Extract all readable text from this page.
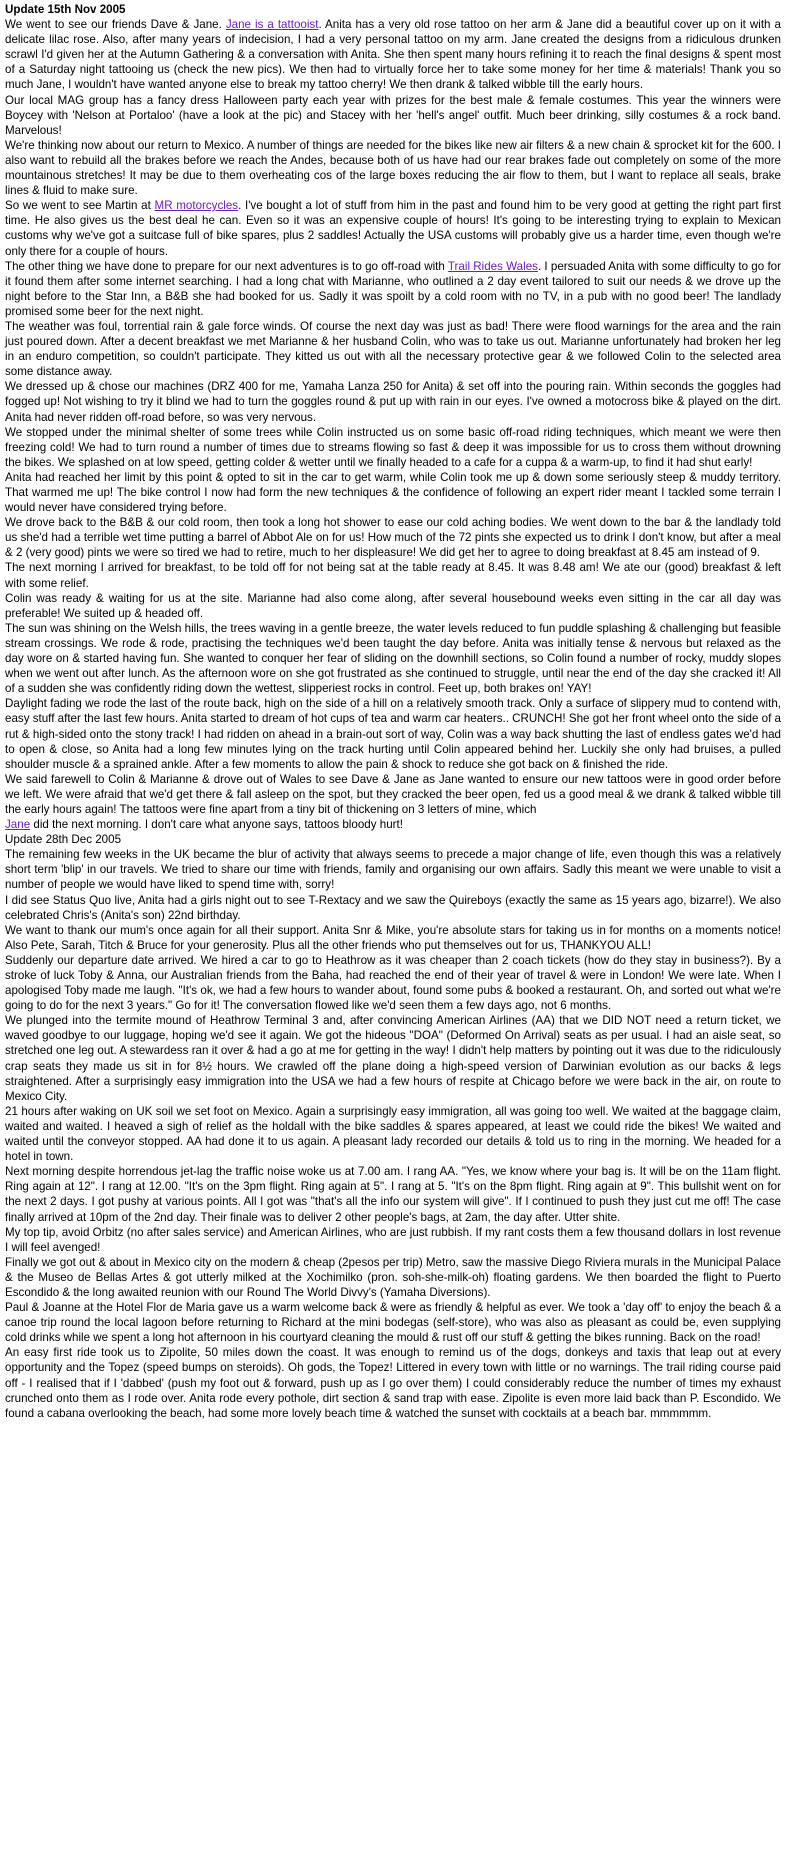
Update 15th Nov 2005

We went to see our friends Dave & Jane. Jane is a tattooist. Anita has a very old rose tattoo on her arm & Jane did a beautiful cover up on it with a delicate lilac rose. Also, after many years of indecision, I had a very personal tattoo on my arm. Jane created the designs from a ridiculous drunken scrawl I'd given her at the Autumn Gathering & a conversation with Anita. She then spent many hours refining it to reach the final designs & spent most of a Saturday night tattooing us (check the new pics). We then had to virtually force her to take some money for her time & materials! Thank you so much Jane, I wouldn't have wanted anyone else to break my tattoo cherry! We then drank & talked wibble till the early hours.

Our local MAG group has a fancy dress Halloween party each year with prizes for the best male & female costumes. This year the winners were Boycey with 'Nelson at Portaloo' (have a look at the pic) and Stacey with her 'hell's angel' outfit. Much beer drinking, silly costumes & a rock band. Marvelous!

We're thinking now about our return to Mexico. A number of things are needed for the bikes like new air filters & a new chain & sprocket kit for the 600. I also want to rebuild all the brakes before we reach the Andes, because both of us have had our rear brakes fade out completely on some of the more mountainous stretches! It may be due to them overheating cos of the large boxes reducing the air flow to them, but I want to replace all seals, brake lines & fluid to make sure.

So we went to see Martin at MR motorcycles. I've bought a lot of stuff from him in the past and found him to be very good at getting the right part first time. He also gives us the best deal he can. Even so it was an expensive couple of hours! It's going to be interesting trying to explain to Mexican customs why we've got a suitcase full of bike spares, plus 2 saddles! Actually the USA customs will probably give us a harder time, even though we're only there for a couple of hours.

The other thing we have done to prepare for our next adventures is to go off-road with Trail Rides Wales. I persuaded Anita with some difficulty to go for it found them after some internet searching. I had a long chat with Marianne, who outlined a 2 day event tailored to suit our needs & we drove up the night before to the Star Inn, a B&B she had booked for us. Sadly it was spoilt by a cold room with no TV, in a pub with no good beer! The landlady promised some beer for the next night.

The weather was foul, torrential rain & gale force winds. Of course the next day was just as bad! There were flood warnings for the area and the rain just poured down. After a decent breakfast we met Marianne & her husband Colin, who was to take us out. Marianne unfortunately had broken her leg in an enduro competition, so couldn't participate. They kitted us out with all the necessary protective gear & we followed Colin to the selected area some distance away.

We dressed up & chose our machines (DRZ 400 for me, Yamaha Lanza 250 for Anita) & set off into the pouring rain. Within seconds the goggles had fogged up! Not wishing to try it blind we had to turn the goggles round & put up with rain in our eyes. I've owned a motocross bike & played on the dirt. Anita had never ridden off-road before, so was very nervous.

We stopped under the minimal shelter of some trees while Colin instructed us on some basic off-road riding techniques, which meant we were then freezing cold! We had to turn round a number of times due to streams flowing so fast & deep it was impossible for us to cross them without drowning the bikes. We splashed on at low speed, getting colder & wetter until we finally headed to a cafe for a cuppa & a warm-up, to find it had shut early!

Anita had reached her limit by this point & opted to sit in the car to get warm, while Colin took me up & down some seriously steep & muddy territory. That warmed me up! The bike control I now had form the new techniques & the confidence of following an expert rider meant I tackled some terrain I would never have considered trying before.

We drove back to the B&B & our cold room, then took a long hot shower to ease our cold aching bodies. We went down to the bar & the landlady told us she'd had a terrible wet time putting a barrel of Abbot Ale on for us! How much of the 72 pints she expected us to drink I don't know, but after a meal & 2 (very good) pints we were so tired we had to retire, much to her displeasure! We did get her to agree to doing breakfast at 8.45 am instead of 9.

The next morning I arrived for breakfast, to be told off for not being sat at the table ready at 8.45. It was 8.48 am! We ate our (good) breakfast & left with some relief.

Colin was ready & waiting for us at the site. Marianne had also come along, after several housebound weeks even sitting in the car all day was preferable! We suited up & headed off.

The sun was shining on the Welsh hills, the trees waving in a gentle breeze, the water levels reduced to fun puddle splashing & challenging but feasible stream crossings. We rode & rode, practising the techniques we'd been taught the day before. Anita was initially tense & nervous but relaxed as the day wore on & started having fun. She wanted to conquer her fear of sliding on the downhill sections, so Colin found a number of rocky, muddy slopes when we went out after lunch. As the afternoon wore on she got frustrated as she continued to struggle, until near the end of the day she cracked it! All of a sudden she was confidently riding down the wettest, slipperiest rocks in control. Feet up, both brakes on! YAY!

Daylight fading we rode the last of the route back, high on the side of a hill on a relatively smooth track. Only a surface of slippery mud to contend with, easy stuff after the last few hours. Anita started to dream of hot cups of tea and warm car heaters.. CRUNCH! She got her front wheel onto the side of a rut & high-sided onto the stony track! I had ridden on ahead in a brain-out sort of way, Colin was a way back shutting the last of endless gates we'd had to open & close, so Anita had a long few minutes lying on the track hurting until Colin appeared behind her. Luckily she only had bruises, a pulled shoulder muscle & a sprained ankle. After a few moments to allow the pain & shock to reduce she got back on & finished the ride.

We said farewell to Colin & Marianne & drove out of Wales to see Dave & Jane as Jane wanted to ensure our new tattoos were in good order before we left. We were afraid that we'd get there & fall asleep on the spot, but they cracked the beer open, fed us a good meal & we drank & talked wibble till the early hours again! The tattoos were fine apart from a tiny bit of thickening on 3 letters of mine, which
Jane did the next morning. I don't care what anyone says, tattoos bloody hurt!

Update 28th Dec 2005

The remaining few weeks in the UK became the blur of activity that always seems to precede a major change of life, even though this was a relatively short term 'blip' in our travels. We tried to share our time with friends, family and organising our own affairs. Sadly this meant we were unable to visit a number of people we would have liked to spend time with, sorry!

I did see Status Quo live, Anita had a girls night out to see T-Rextacy and we saw the Quireboys (exactly the same as 15 years ago, bizarre!). We also celebrated Chris's (Anita's son) 22nd birthday.

We want to thank our mum's once again for all their support. Anita Snr & Mike, you're absolute stars for taking us in for months on a moments notice! Also Pete, Sarah, Titch & Bruce for your generosity. Plus all the other friends who put themselves out for us, THANKYOU ALL!

Suddenly our departure date arrived. We hired a car to go to Heathrow as it was cheaper than 2 coach tickets (how do they stay in business?). By a stroke of luck Toby & Anna, our Australian friends from the Baha, had reached the end of their year of travel & were in London! We were late. When I apologised Toby made me laugh. "It's ok, we had a few hours to wander about, found some pubs & booked a restaurant. Oh, and sorted out what we're going to do for the next 3 years." Go for it! The conversation flowed like we'd seen them a few days ago, not 6 months.

We plunged into the termite mound of Heathrow Terminal 3 and, after convincing American Airlines (AA) that we DID NOT need a return ticket, we waved goodbye to our luggage, hoping we'd see it again. We got the hideous "DOA" (Deformed On Arrival) seats as per usual. I had an aisle seat, so stretched one leg out. A stewardess ran it over & had a go at me for getting in the way! I didn't help matters by pointing out it was due to the ridiculously crap seats they made us sit in for 8½ hours. We crawled off the plane doing a high-speed version of Darwinian evolution as our backs & legs straightened. After a surprisingly easy immigration into the USA we had a few hours of respite at Chicago before we were back in the air, on route to Mexico City.

21 hours after waking on UK soil we set foot on Mexico. Again a surprisingly easy immigration, all was going too well. We waited at the baggage claim, waited and waited. I heaved a sigh of relief as the holdall with the bike saddles & spares appeared, at least we could ride the bikes! We waited and waited until the conveyor stopped. AA had done it to us again. A pleasant lady recorded our details & told us to ring in the morning. We headed for a hotel in town.

Next morning despite horrendous jet-lag the traffic noise woke us at 7.00 am. I rang AA. "Yes, we know where your bag is. It will be on the 11am flight. Ring again at 12". I rang at 12.00. "It's on the 3pm flight. Ring again at 5". I rang at 5. "It's on the 8pm flight. Ring again at 9". This bullshit went on for the next 2 days. I got pushy at various points. All I got was "that's all the info our system will give". If I continued to push they just cut me off! The case finally arrived at 10pm of the 2nd day. Their finale was to deliver 2 other people's bags, at 2am, the day after. Utter shite.

My top tip, avoid Orbitz (no after sales service) and American Airlines, who are just rubbish. If my rant costs them a few thousand dollars in lost revenue I will feel avenged!

Finally we got out & about in Mexico city on the modern & cheap (2pesos per trip) Metro, saw the massive Diego Riviera murals in the Municipal Palace & the Museo de Bellas Artes & got utterly milked at the Xochimilko (pron. soh-she-milk-oh) floating gardens. We then boarded the flight to Puerto Escondido & the long awaited reunion with our Round The World Divvy's (Yamaha Diversions).

Paul & Joanne at the Hotel Flor de Maria gave us a warm welcome back & were as friendly & helpful as ever. We took a 'day off' to enjoy the beach & a canoe trip round the local lagoon before returning to Richard at the mini bodegas (self-store), who was also as pleasant as could be, even supplying cold drinks while we spent a long hot afternoon in his courtyard cleaning the mould & rust off our stuff & getting the bikes running. Back on the road!

An easy first ride took us to Zipolite, 50 miles down the coast. It was enough to remind us of the dogs, donkeys and taxis that leap out at every opportunity and the Topez (speed bumps on steroids). Oh gods, the Topez! Littered in every town with little or no warnings. The trail riding course paid off - I realised that if I 'dabbed' (push my foot out & forward, push up as I go over them) I could considerably reduce the number of times my exhaust crunched onto them as I rode over. Anita rode every pothole, dirt section & sand trap with ease. Zipolite is even more laid back than P. Escondido. We found a cabana overlooking the beach, had some more lovely beach time & watched the sunset with cocktails at a beach bar. mmmmmm.
